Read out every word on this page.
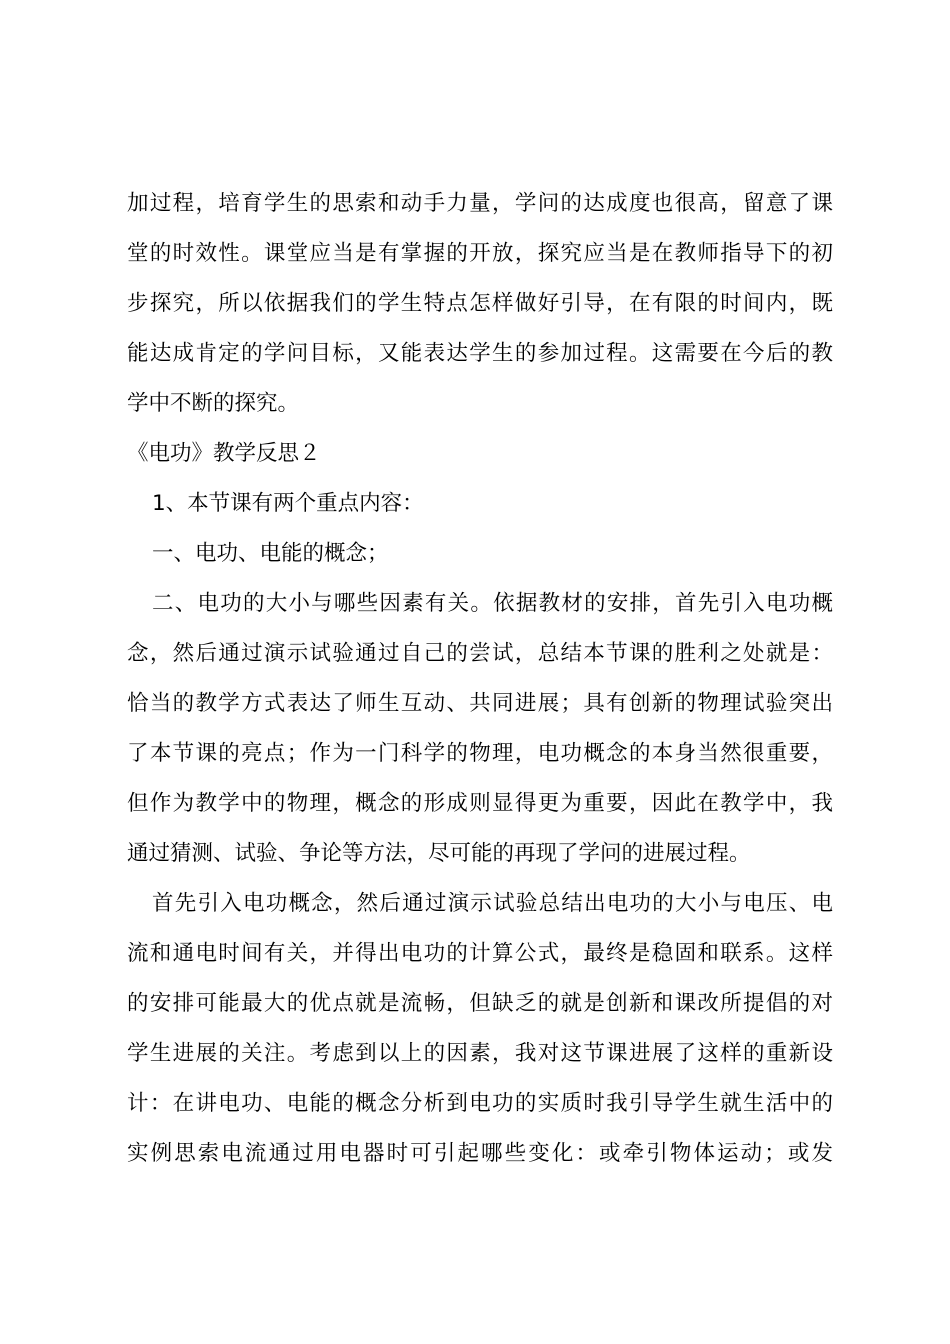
加过程，培育学生的思索和动手力量，学问的达成度也很高，留意了课
堂的时效性。课堂应当是有掌握的开放，探究应当是在教师指导下的初
步探究，所以依据我们的学生特点怎样做好引导，在有限的时间内，既
能达成肯定的学问目标，又能表达学生的参加过程。这需要在今后的教
学中不断的探究。
《电功》教学反思２
1、本节课有两个重点内容：
一、电功、电能的概念；
二、电功的大小与哪些因素有关。依据教材的安排，首先引入电功概
念，然后通过演示试验通过自己的尝试，总结本节课的胜利之处就是：
恰当的教学方式表达了师生互动、共同进展；具有创新的物理试验突出
了本节课的亮点；作为一门科学的物理，电功概念的本身当然很重要，
但作为教学中的物理，概念的形成则显得更为重要，因此在教学中，我
通过猜测、试验、争论等方法，尽可能的再现了学问的进展过程。
首先引入电功概念，然后通过演示试验总结出电功的大小与电压、电
流和通电时间有关，并得出电功的计算公式，最终是稳固和联系。这样
的安排可能最大的优点就是流畅，但缺乏的就是创新和课改所提倡的对
学生进展的关注。考虑到以上的因素，我对这节课进展了这样的重新设
计：在讲电功、电能的概念分析到电功的实质时我引导学生就生活中的
实例思索电流通过用电器时可引起哪些变化：或牵引物体运动；或发
